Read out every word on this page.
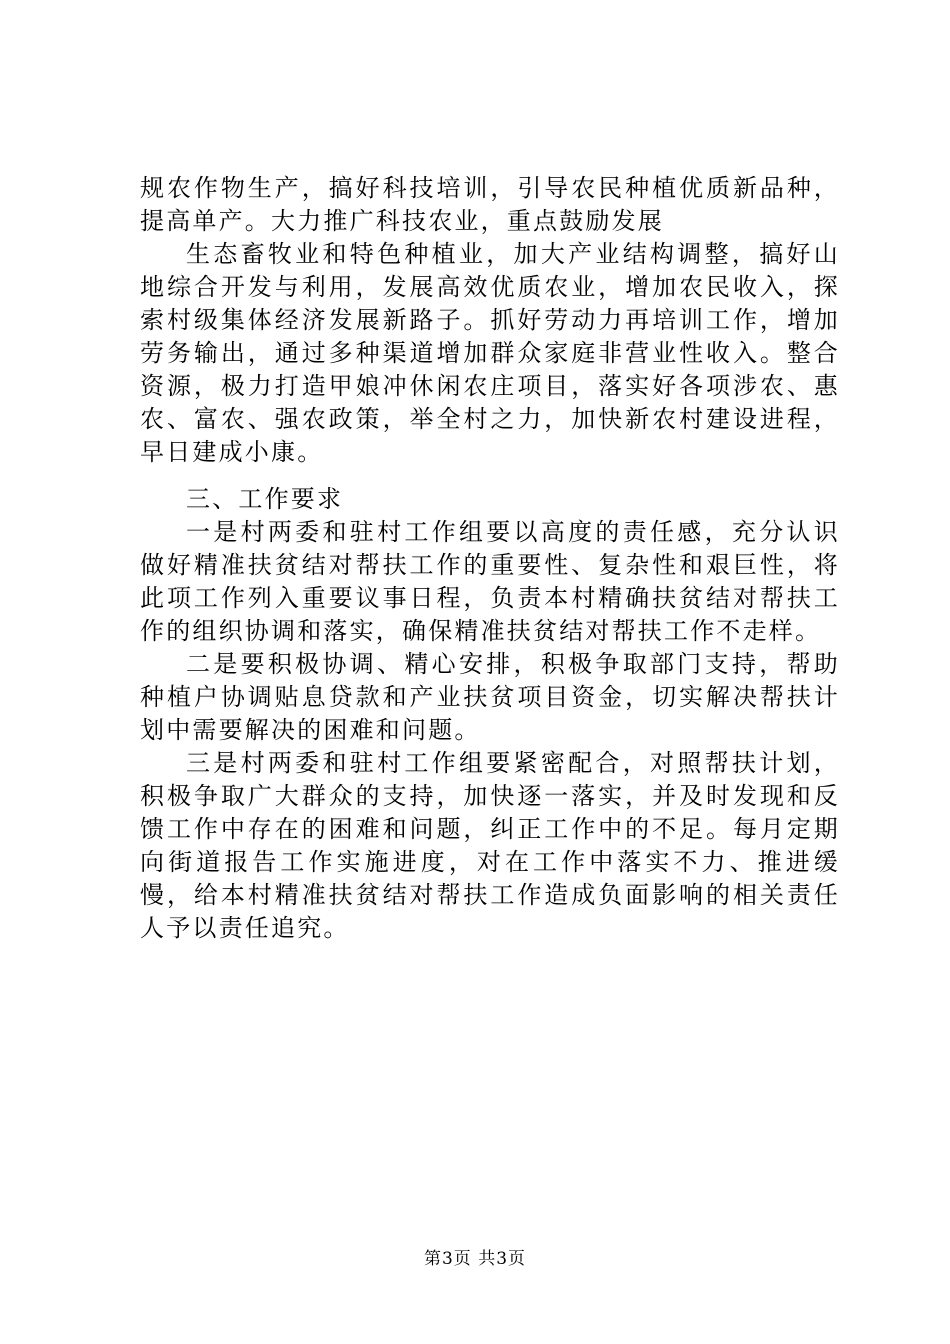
规农作物生产，搞好科技培训，引导农民种植优质新品种，提高单产。大力推广科技农业，重点鼓励发展

生态畜牧业和特色种植业，加大产业结构调整，搞好山地综合开发与利用，发展高效优质农业，增加农民收入，探索村级集体经济发展新路子。抓好劳动力再培训工作，增加劳务输出，通过多种渠道增加群众家庭非营业性收入。整合资源，极力打造甲娘冲休闲农庄项目，落实好各项涉农、惠农、富农、强农政策，举全村之力，加快新农村建设进程，早日建成小康。

三、工作要求

一是村两委和驻村工作组要以高度的责任感，充分认识做好精准扶贫结对帮扶工作的重要性、复杂性和艰巨性，将此项工作列入重要议事日程，负责本村精确扶贫结对帮扶工作的组织协调和落实，确保精准扶贫结对帮扶工作不走样。

二是要积极协调、精心安排，积极争取部门支持，帮助种植户协调贴息贷款和产业扶贫项目资金，切实解决帮扶计划中需要解决的困难和问题。

三是村两委和驻村工作组要紧密配合，对照帮扶计划，积极争取广大群众的支持，加快逐一落实，并及时发现和反馈工作中存在的困难和问题，纠正工作中的不足。每月定期向街道报告工作实施进度，对在工作中落实不力、推进缓慢，给本村精准扶贫结对帮扶工作造成负面影响的相关责任人予以责任追究。

第3页 共3页
